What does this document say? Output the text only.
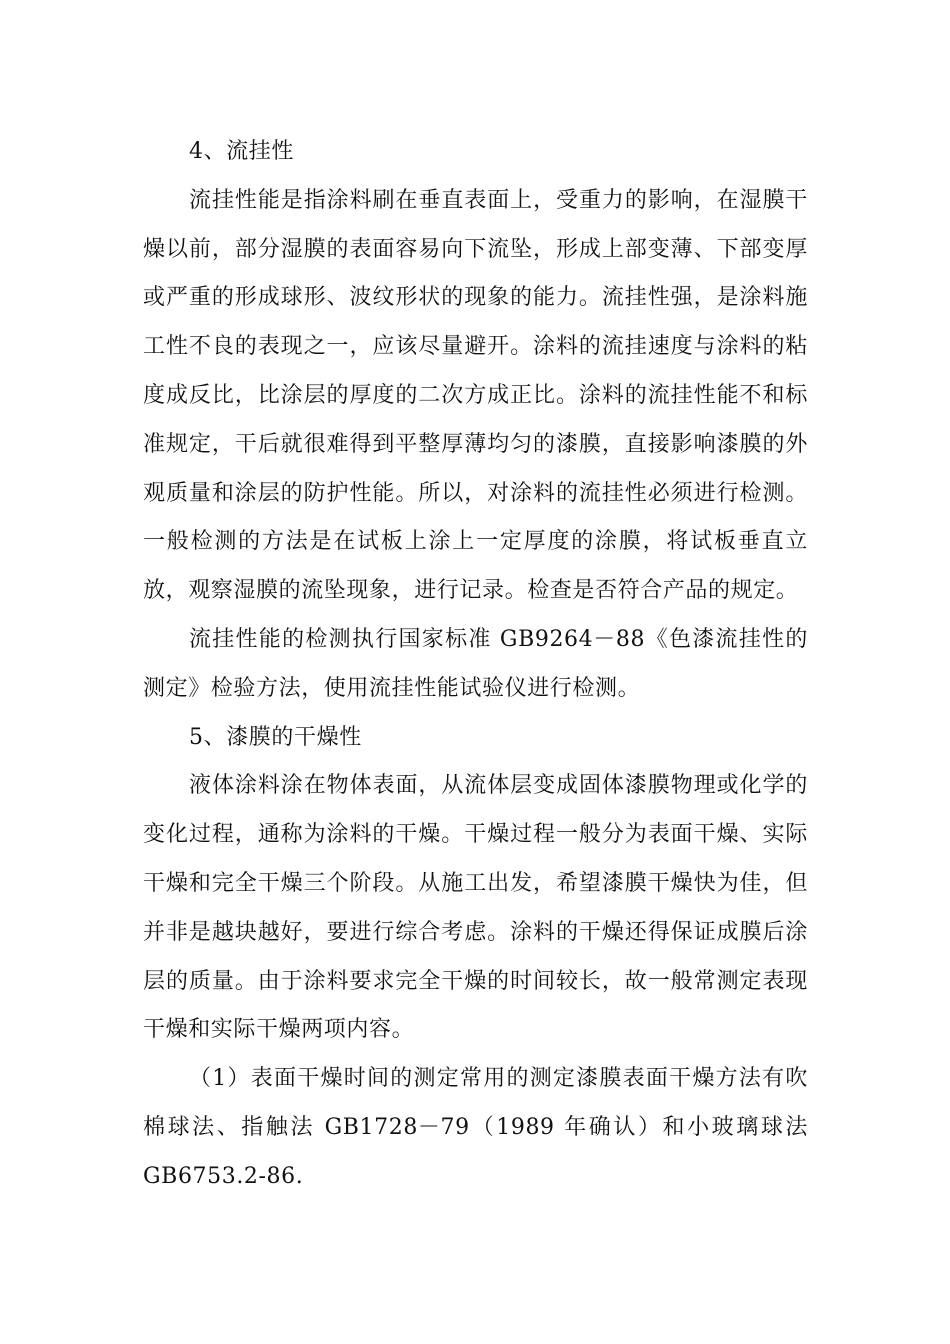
4、流挂性

流挂性能是指涂料刷在垂直表面上，受重力的影响，在湿膜干燥以前，部分湿膜的表面容易向下流坠，形成上部变薄、下部变厚或严重的形成球形、波纹形状的现象的能力。流挂性强，是涂料施工性不良的表现之一，应该尽量避开。涂料的流挂速度与涂料的粘度成反比，比涂层的厚度的二次方成正比。涂料的流挂性能不和标准规定，干后就很难得到平整厚薄均匀的漆膜，直接影响漆膜的外观质量和涂层的防护性能。所以，对涂料的流挂性必须进行检测。一般检测的方法是在试板上涂上一定厚度的涂膜，将试板垂直立放，观察湿膜的流坠现象，进行记录。检查是否符合产品的规定。

流挂性能的检测执行国家标准 GB9264－88《色漆流挂性的测定》检验方法，使用流挂性能试验仪进行检测。

5、漆膜的干燥性

液体涂料涂在物体表面，从流体层变成固体漆膜物理或化学的变化过程，通称为涂料的干燥。干燥过程一般分为表面干燥、实际干燥和完全干燥三个阶段。从施工出发，希望漆膜干燥快为佳，但并非是越块越好，要进行综合考虑。涂料的干燥还得保证成膜后涂层的质量。由于涂料要求完全干燥的时间较长，故一般常测定表现干燥和实际干燥两项内容。

（1）表面干燥时间的测定常用的测定漆膜表面干燥方法有吹棉球法、指触法 GB1728－79（1989 年确认）和小玻璃球法 GB6753.2-86.
